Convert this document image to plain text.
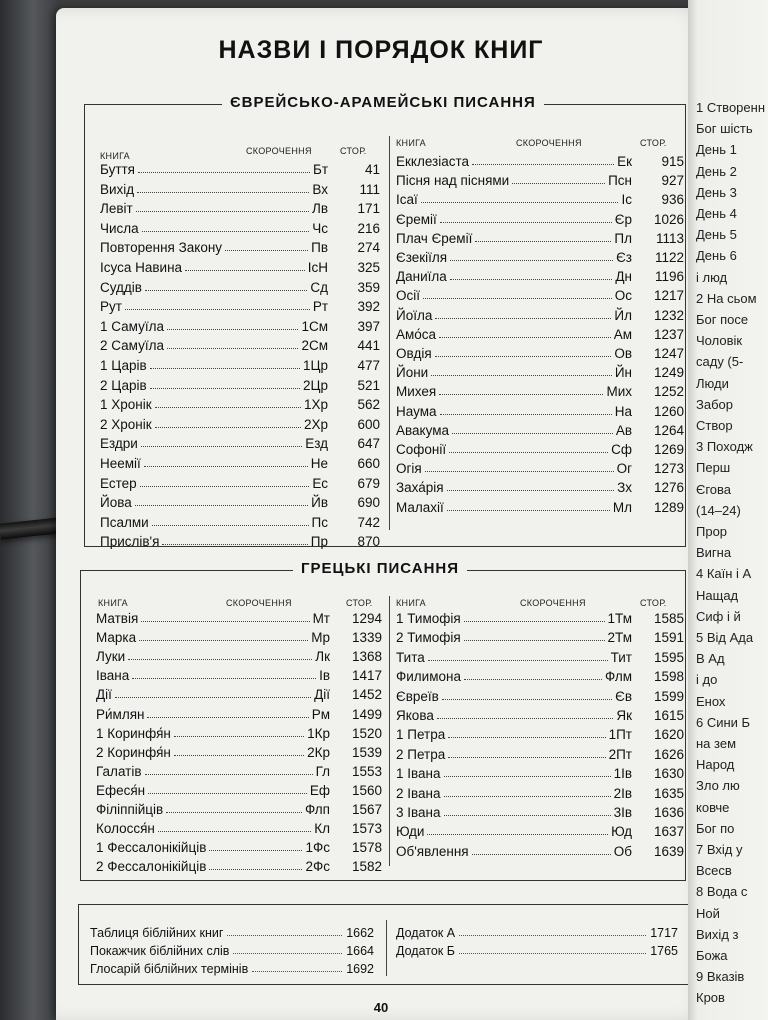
НАЗВИ І ПОРЯДОК КНИГ
ЄВРЕЙСЬКО-АРАМЕЙСЬКІ ПИСАННЯ
КНИГА	СКОРОЧЕННЯ	СТОР.
КНИГА	СКОРОЧЕННЯ	СТОР.
Буття	Бт	41
Вихід	Вх	111
Левіт	Лв	171
Числа	Чс	216
Повторення Закону	Пв	274
Ісуса Навина	ІсН	325
Суддів	Сд	359
Рут	Рт	392
1 Самуїла	1См	397
2 Самуїла	2См	441
1 Царів	1Цр	477
2 Царів	2Цр	521
1 Хронік	1Хр	562
2 Хронік	2Хр	600
Ездри	Езд	647
Неемії	Не	660
Естер	Ес	679
Йова	Йв	690
Псалми	Пс	742
Прислів'я	Пр	870
Екклезіаста	Ек	915
Пісня над піснями	Псн	927
Ісаї	Іс	936
Єремії	Єр	1026
Плач Єремії	Пл	1113
Єзекіїля	Єз	1122
Даниїла	Дн	1196
Осії	Ос	1217
Йоїла	Йл	1232
Амо́са	Ам	1237
Овдія	Ов	1247
Йони	Йн	1249
Михея	Мих	1252
Наума	На	1260
Авакума	Ав	1264
Софонії	Сф	1269
Огія	Ог	1273
Заха́рія	Зх	1276
Малахії	Мл	1289
ГРЕЦЬКІ ПИСАННЯ
КНИГА	СКОРОЧЕННЯ	СТОР.	КНИГА	СКОРОЧЕННЯ	СТОР.
Матвія	Мт	1294
Марка	Мр	1339
Луки	Лк	1368
Івана	Ів	1417
Дії	Дії	1452
Ри́млян	Рм	1499
1 Коринфя́н	1Кр	1520
2 Коринфя́н	2Кр	1539
Галатів	Гл	1553
Ефеся́н	Еф	1560
Філіппійців	Флп	1567
Колосся́н	Кл	1573
1 Фессалонікійців	1Фс	1578
2 Фессалонікійців	2Фс	1582
1 Тимофія	1Тм	1585
2 Тимофія	2Тм	1591
Тита	Тит	1595
Филимона	Флм	1598
Євреїв	Єв	1599
Якова	Як	1615
1 Петра	1Пт	1620
2 Петра	2Пт	1626
1 Івана	1Ів	1630
2 Івана	2Ів	1635
3 Івана	3Ів	1636
Юди	Юд	1637
Об'явлення	Об	1639
Таблиця біблійних книг	1662
Покажчик біблійних слів	1664
Глосарій біблійних термінів	1692
Додаток А	1717
Додаток Б	1765
40
1 Створенн
Бог шість
День 1
День 2
День 3
День 4
День 5
День 6
і люд
2 На сьом
Бог посе
Чоловік
саду (5-
Люди
Забор
Створ
3 Походж
Перш
Єгова
(14–24)
Прор
Вигна
4 Каїн і А
Нащад
Сиф і й
5 Від Ада
В Ад
і до
Енох
6 Сини Б
на зем
Народ
Зло лю
ковче
Бог по
7 Вхід у
Всесв
8 Вода с
Ной
Вихід з
Божа
9 Вказів
Кров
